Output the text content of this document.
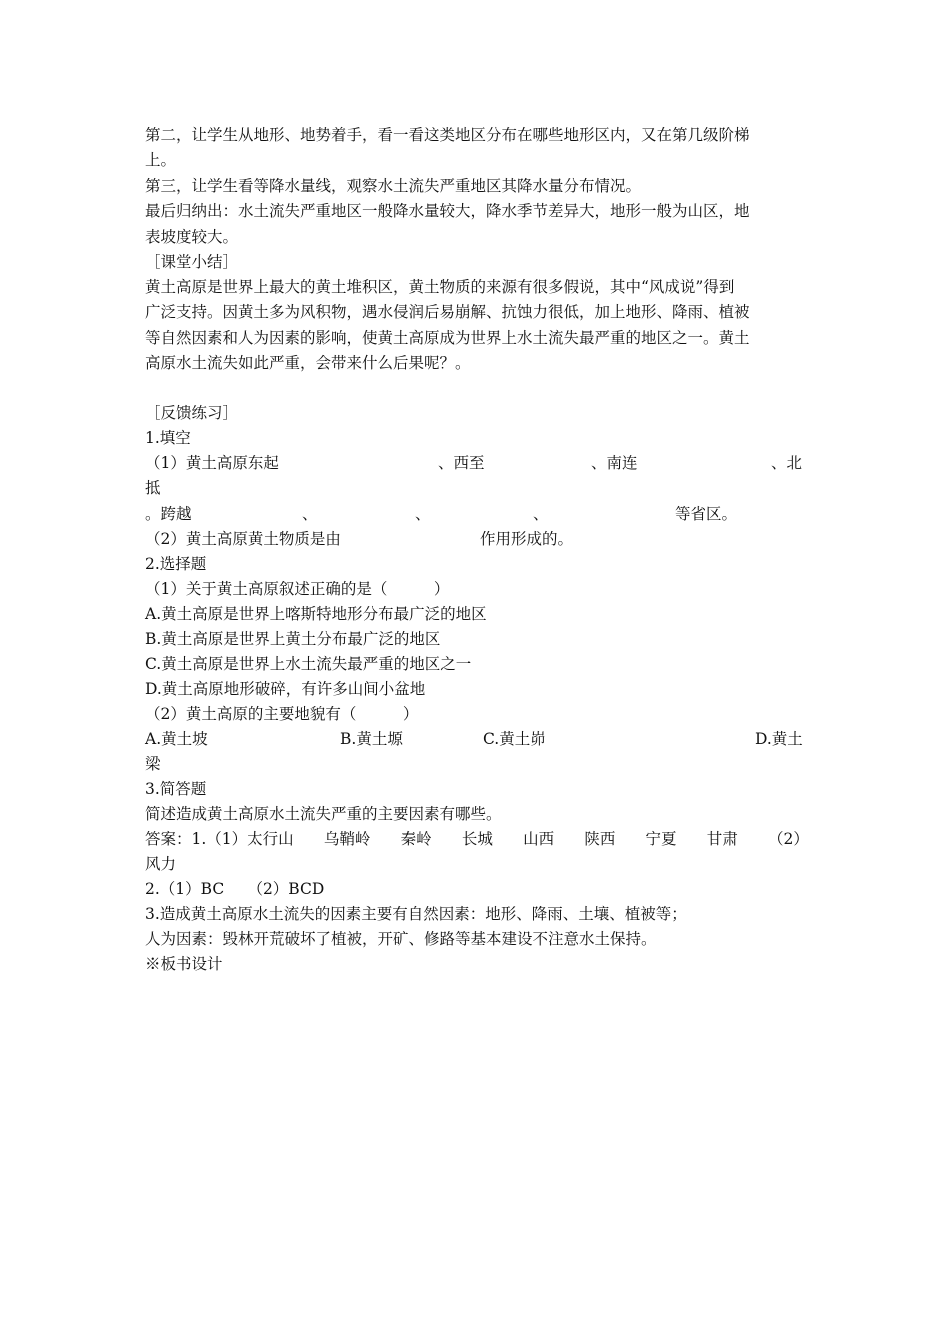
第二，让学生从地形、地势着手，看一看这类地区分布在哪些地形区内，又在第几级阶梯
上。
第三，让学生看等降水量线，观察水土流失严重地区其降水量分布情况。
最后归纳出：水土流失严重地区一般降水量较大，降水季节差异大，地形一般为山区，地
表坡度较大。
［课堂小结］
黄土高原是世界上最大的黄土堆积区，黄土物质的来源有很多假说，其中“风成说”得到
广泛支持。因黄土多为风积物，遇水侵润后易崩解、抗蚀力很低，加上地形、降雨、植被
等自然因素和人为因素的影响，使黄土高原成为世界上水土流失最严重的地区之一。黄土
高原水土流失如此严重，会带来什么后果呢？。
［反馈练习］
1.填空
（1）黄土高原东起	、西至	、南连	、北
抵
。跨越	、	、	、	等省区。
（2）黄土高原黄土物质是由	作用形成的。
2.选择题
（1）关于黄土高原叙述正确的是（　　　）
A.黄土高原是世界上喀斯特地形分布最广泛的地区
B.黄土高原是世界上黄土分布最广泛的地区
C.黄土高原是世界上水土流失最严重的地区之一
D.黄土高原地形破碎，有许多山间小盆地
（2）黄土高原的主要地貌有（　　　）
A.黄土坡	B.黄土塬	C.黄土峁	D.黄土
梁
3.简答题
简述造成黄土高原水土流失严重的主要因素有哪些。
答案：1.（1）太行山 乌鞘岭 秦岭 长城 山西 陕西 宁夏 甘肃 （2）
风力
2.（1）BC　　（2）BCD
3.造成黄土高原水土流失的因素主要有自然因素：地形、降雨、土壤、植被等；
人为因素：毁林开荒破坏了植被，开矿、修路等基本建设不注意水土保持。
※板书设计
